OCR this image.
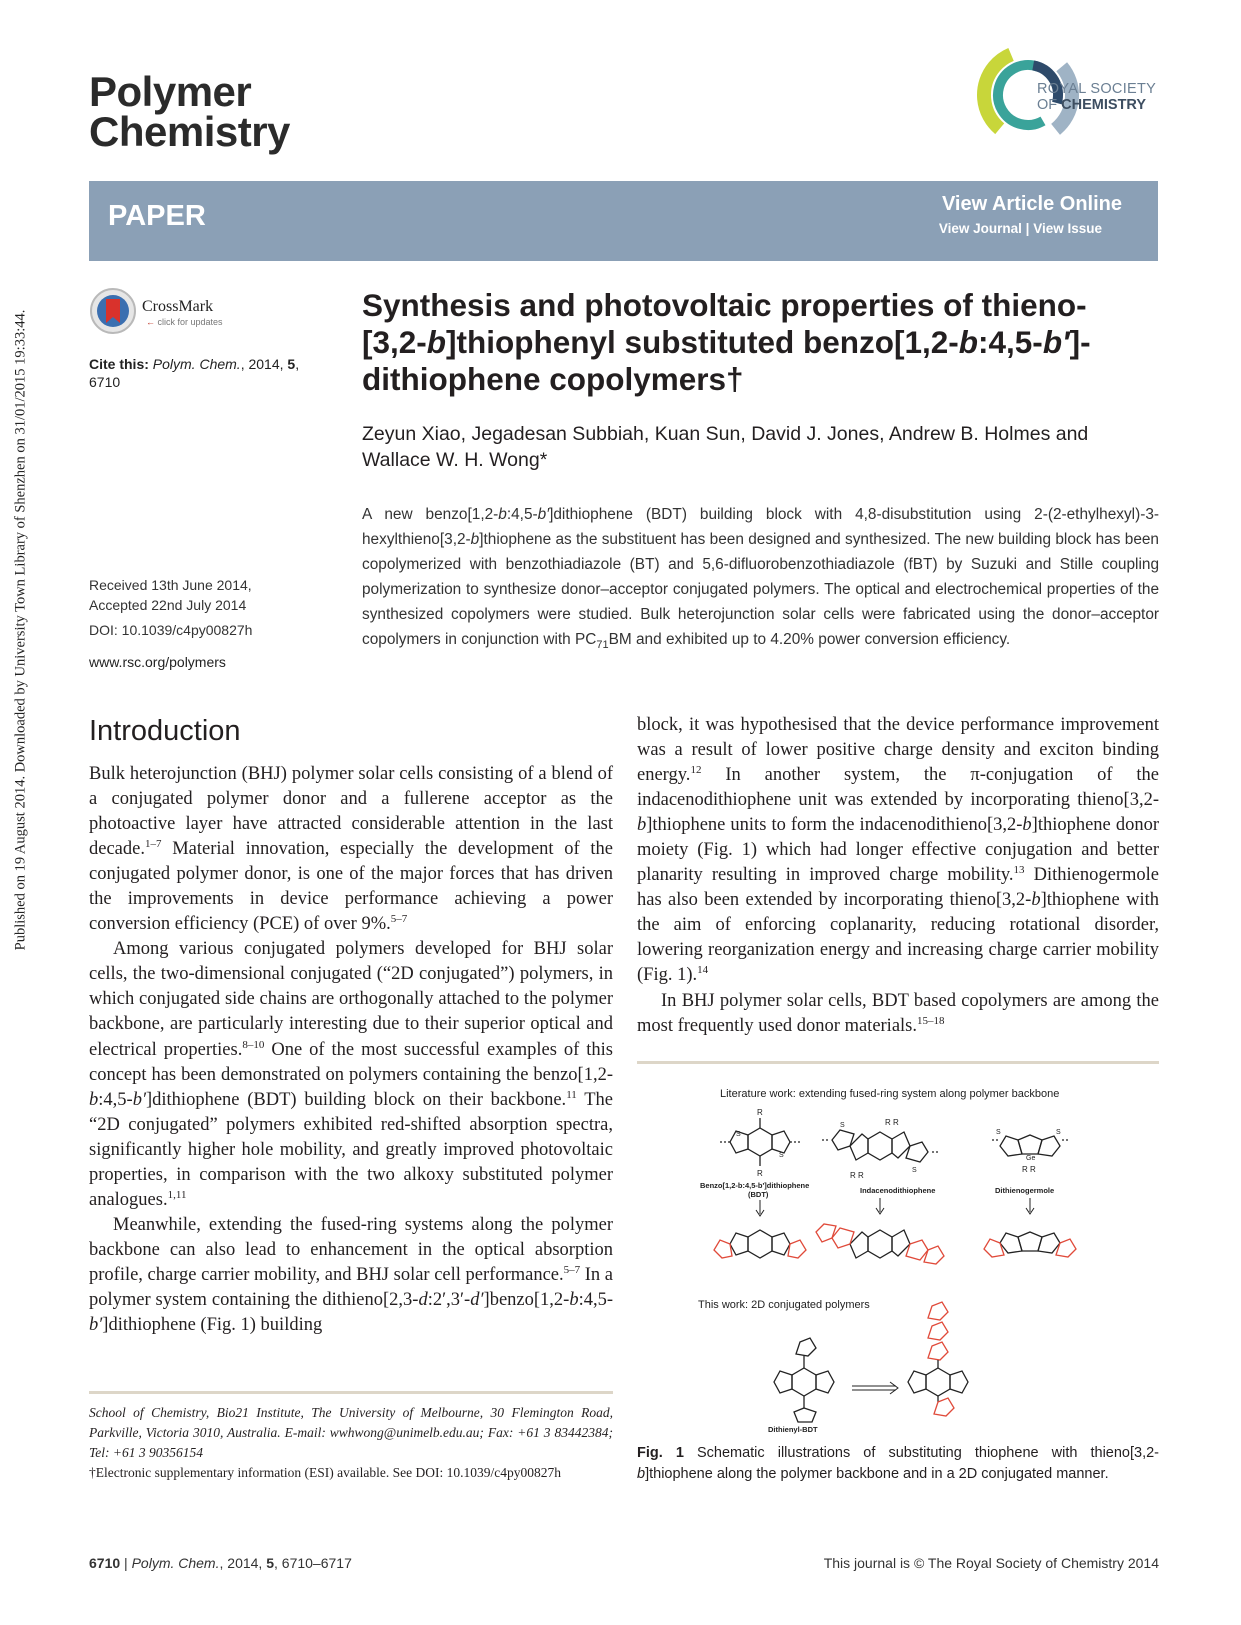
Published on 19 August 2014. Downloaded by University Town Library of Shenzhen on 31/01/2015 19:33:44.
Polymer
Chemistry
ROYAL SOCIETY
OF CHEMISTRY
PAPER	View Article Online
View Journal | View Issue
CrossMark
← click for updates
Cite this: Polym. Chem., 2014, 5, 6710
Synthesis and photovoltaic properties of thieno-
[3,2-b]thiophenyl substituted benzo[1,2-b:4,5-b′]-
dithiophene copolymers†
Zeyun Xiao, Jegadesan Subbiah, Kuan Sun, David J. Jones, Andrew B. Holmes and
Wallace W. H. Wong*
A new benzo[1,2-b:4,5-b′]dithiophene (BDT) building block with 4,8-disubstitution using 2-(2-ethylhexyl)-3-hexylthieno[3,2-b]thiophene as the substituent has been designed and synthesized. The new building block has been copolymerized with benzothiadiazole (BT) and 5,6-difluorobenzothiadiazole (fBT) by Suzuki and Stille coupling polymerization to synthesize donor–acceptor conjugated polymers. The optical and electrochemical properties of the synthesized copolymers were studied. Bulk heterojunction solar cells were fabricated using the donor–acceptor copolymers in conjunction with $PC_{71}BM$ and exhibited up to 4.20% power conversion efficiency.
Received 13th June 2014,
Accepted 22nd July 2014
DOI: 10.1039/c4py00827h
www.rsc.org/polymers
Introduction

Bulk heterojunction (BHJ) polymer solar cells consisting of a blend of a conjugated polymer donor and a fullerene acceptor as the photoactive layer have attracted considerable attention in the last decade.$^{1-7}$ Material innovation, especially the development of the conjugated polymer donor, is one of the major forces that has driven the improvements in device performance achieving a power conversion efficiency (PCE) of over 9%.$^{5-7}$

Among various conjugated polymers developed for BHJ solar cells, the two-dimensional conjugated (“2D conjugated”) polymers, in which conjugated side chains are orthogonally attached to the polymer backbone, are particularly interesting due to their superior optical and electrical properties.$^{8-10}$ One of the most successful examples of this concept has been demonstrated on polymers containing the benzo[1,2-b:4,5-b′]dithiophene (BDT) building block on their backbone.$^{11}$ The “2D conjugated” polymers exhibited red-shifted absorption spectra, significantly higher hole mobility, and greatly improved photovoltaic properties, in comparison with the two alkoxy substituted polymer analogues.$^{1,11}$

Meanwhile, extending the fused-ring systems along the polymer backbone can also lead to enhancement in the optical absorption profile, charge carrier mobility, and BHJ solar cell performance.$^{5-7}$ In a polymer system containing the dithieno[2,3-d:2′,3′-d′]benzo[1,2-b:4,5-b′]dithiophene (Fig. 1) building

block, it was hypothesised that the device performance improvement was a result of lower positive charge density and exciton binding energy.$^{12}$ In another system, the π-conjugation of the indacenodithiophene unit was extended by incorporating thieno[3,2-b]thiophene units to form the indacenodithieno[3,2-b]thiophene donor moiety (Fig. 1) which had longer effective conjugation and better planarity resulting in improved charge mobility.$^{13}$ Dithienogermole has also been extended by incorporating thieno[3,2-b]thiophene with the aim of enforcing coplanarity, reducing rotational disorder, lowering reorganization energy and increasing charge carrier mobility (Fig. 1).$^{14}$

In BHJ polymer solar cells, BDT based copolymers are among the most frequently used donor materials.$^{15-18}$

Literature work: extending fused-ring system along polymer backbone
R
R
S
S
Benzo[1,2-b:4,5-b']dithiophene
(BDT)
R R
R R
S
S
Indacenodithiophene
Ge
R R
S	S
Dithienogermole
This work: 2D conjugated polymers
Dithienyl-BDT
Fig. 1 Schematic illustrations of substituting thiophene with thieno[3,2-b]thiophene along the polymer backbone and in a 2D conjugated manner.
School of Chemistry, Bio21 Institute, The University of Melbourne, 30 Flemington Road, Parkville, Victoria 3010, Australia. E-mail: wwhwong@unimelb.edu.au; Fax: +61 3 83442384; Tel: +61 3 90356154
†Electronic supplementary information (ESI) available. See DOI: 10.1039/c4py00827h
6710 | Polym. Chem., 2014, 5, 6710–6717	This journal is © The Royal Society of Chemistry 2014
